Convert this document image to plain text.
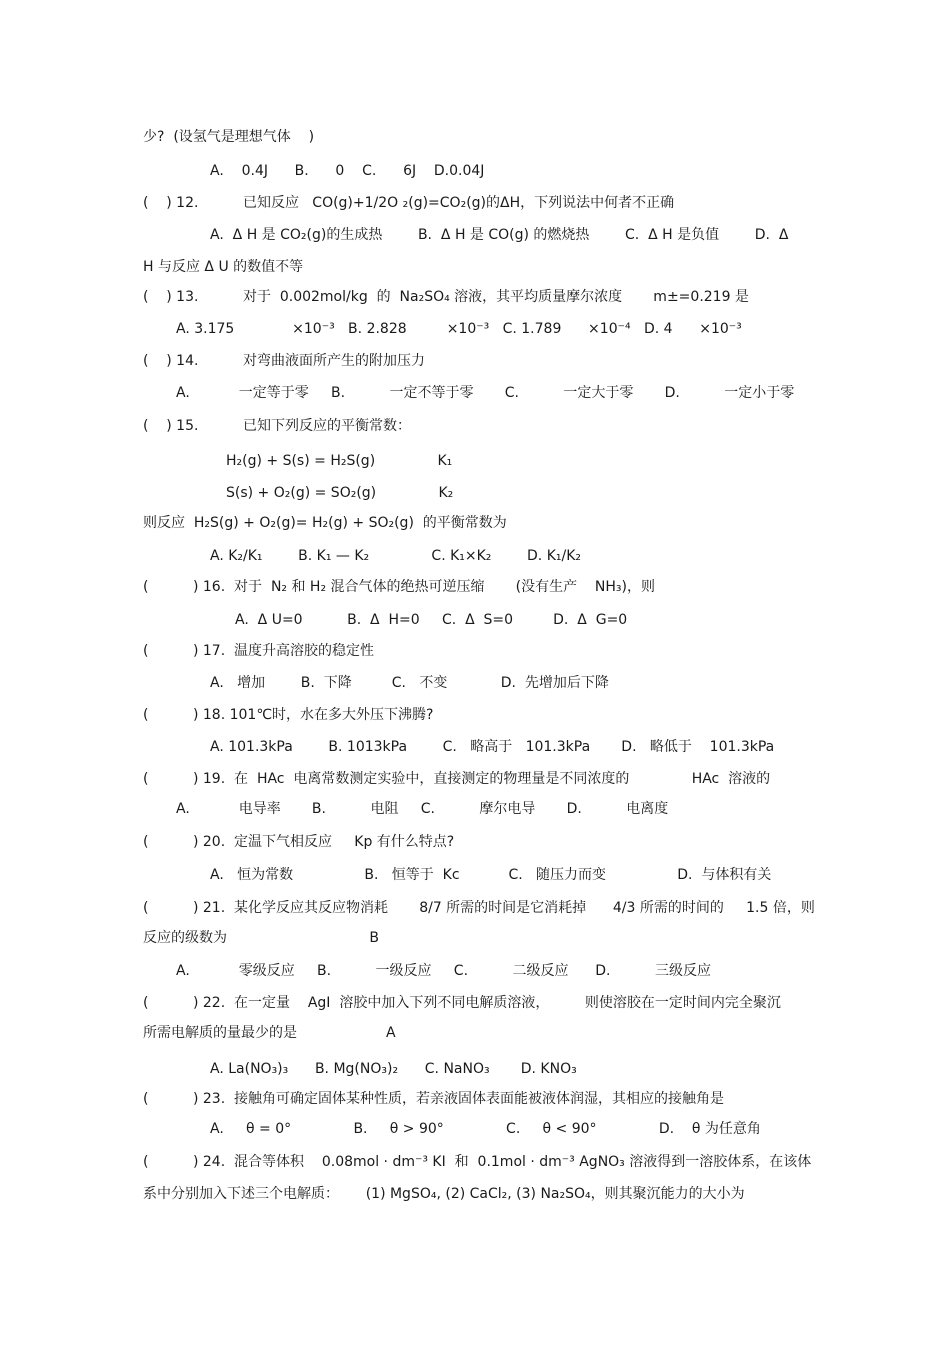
少?  (设氢气是理想气体    )
A.    0.4J      B.      0    C.      6J    D.0.04J
(    ) 12.          已知反应   CO(g)+1/2O ₂(g)=CO₂(g)的ΔH，下列说法中何者不正确
A.  Δ H 是 CO₂(g)的生成热        B.  Δ H 是 CO(g) 的燃烧热        C.  Δ H 是负值        D.  Δ
H 与反应 Δ U 的数值不等
(    ) 13.          对于  0.002mol/kg  的  Na₂SO₄ 溶液，其平均质量摩尔浓度       m±=0.219 是
A. 3.175             ×10⁻³   B. 2.828         ×10⁻³   C. 1.789      ×10⁻⁴   D. 4      ×10⁻³
(    ) 14.          对弯曲液面所产生的附加压力
A.           一定等于零     B.          一定不等于零       C.          一定大于零       D.          一定小于零
(    ) 15.          已知下列反应的平衡常数：
H₂(g) + S(s) = H₂S(g)              K₁
S(s) + O₂(g) = SO₂(g)              K₂
则反应  H₂S(g) + O₂(g)= H₂(g) + SO₂(g)  的平衡常数为
A. K₂/K₁        B. K₁ — K₂              C. K₁×K₂        D. K₁/K₂
(          ) 16.  对于  N₂ 和 H₂ 混合气体的绝热可逆压缩       (没有生产    NH₃)，则
A.  Δ U=0          B.  Δ  H=0     C.  Δ  S=0         D.  Δ  G=0
(          ) 17.  温度升高溶胶的稳定性
A.   增加        B.  下降         C.   不变            D.  先增加后下降
(          ) 18. 101℃时，水在多大外压下沸腾?
A. 101.3kPa        B. 1013kPa        C.   略高于   101.3kPa       D.   略低于    101.3kPa
(          ) 19.  在  HAc  电离常数测定实验中，直接测定的物理量是不同浓度的              HAc  溶液的
A.           电导率       B.          电阻     C.          摩尔电导       D.          电离度
(          ) 20.  定温下气相反应     Kp 有什么特点?
A.   恒为常数                B.   恒等于  Kc           C.   随压力而变                D.  与体积有关
(          ) 21.  某化学反应其反应物消耗       8/7 所需的时间是它消耗掉      4/3 所需的时间的     1.5 倍，则
反应的级数为                                B
A.           零级反应     B.          一级反应     C.          二级反应      D.          三级反应
(          ) 22.  在一定量    AgI  溶胶中加入下列不同电解质溶液，        则使溶胶在一定时间内完全聚沉
所需电解质的量最少的是                    A
A. La(NO₃)₃      B. Mg(NO₃)₂      C. NaNO₃       D. KNO₃
(          ) 23.  接触角可确定固体某种性质，若亲液固体表面能被液体润湿，其相应的接触角是
A.     θ = 0°              B.     θ > 90°              C.     θ < 90°              D.    θ 为任意角
(          ) 24.  混合等体积    0.08mol · dm⁻³ KI  和  0.1mol · dm⁻³ AgNO₃ 溶液得到一溶胶体系，在该体
系中分别加入下述三个电解质：      (1) MgSO₄, (2) CaCl₂, (3) Na₂SO₄，则其聚沉能力的大小为
